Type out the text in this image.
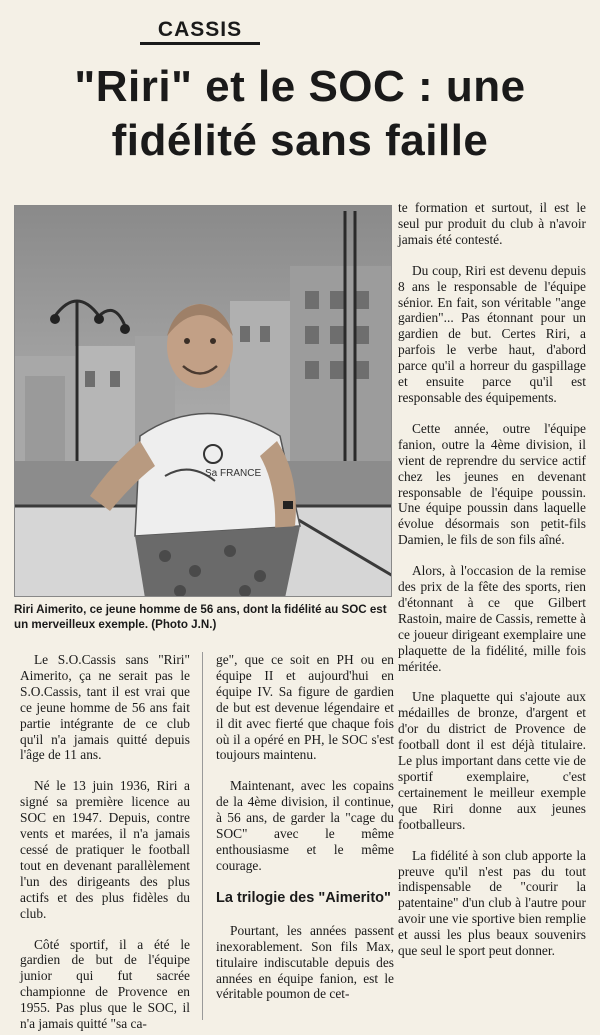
CASSIS
"Riri" et le SOC : une
fidélité sans faille
Sa FRANCE
Riri Aimerito, ce jeune homme de 56 ans, dont la fidélité au SOC est un merveilleux exemple. (Photo J.N.)

Le S.O.Cassis sans "Riri" Aimerito, ça ne serait pas le S.O.Cassis, tant il est vrai que ce jeune homme de 56 ans fait partie intégrante de ce club qu'il n'a jamais quitté depuis l'âge de 11 ans.

Né le 13 juin 1936, Riri a signé sa première licence au SOC en 1947. Depuis, contre vents et marées, il n'a jamais cessé de pratiquer le football tout en devenant parallèlement l'un des dirigeants des plus actifs et des plus fidèles du club.

Côté sportif, il a été le gardien de but de l'équipe junior qui fut sacrée championne de Provence en 1955. Pas plus que le SOC, il n'a jamais quitté "sa ca-

ge", que ce soit en PH ou en équipe II et aujourd'hui en équipe IV. Sa figure de gardien de but est devenue légendaire et il dit avec fierté que chaque fois où il a opéré en PH, le SOC s'est toujours maintenu.

Maintenant, avec les copains de la 4ème division, il continue, à 56 ans, de garder la "cage du SOC" avec le même enthousiasme et le même courage.

La trilogie des "Aimerito"

Pourtant, les années passent inexorablement. Son fils Max, titulaire indiscutable depuis des années en équipe fanion, est le véritable poumon de cet-

te formation et surtout, il est le seul pur produit du club à n'avoir jamais été contesté.

Du coup, Riri est devenu depuis 8 ans le responsable de l'équipe sénior. En fait, son véritable "ange gardien"... Pas étonnant pour un gardien de but. Certes Riri, a parfois le verbe haut, d'abord parce qu'il a horreur du gaspillage et ensuite parce qu'il est responsable des équipements.

Cette année, outre l'équipe fanion, outre la 4ème division, il vient de reprendre du service actif chez les jeunes en devenant responsable de l'équipe poussin. Une équipe poussin dans laquelle évolue désormais son petit-fils Damien, le fils de son fils aîné.

Alors, à l'occasion de la remise des prix de la fête des sports, rien d'étonnant à ce que Gilbert Rastoin, maire de Cassis, remette à ce joueur dirigeant exemplaire une plaquette de la fidélité, mille fois méritée.

Une plaquette qui s'ajoute aux médailles de bronze, d'argent et d'or du district de Provence de football dont il est déjà titulaire. Le plus important dans cette vie de sportif exemplaire, c'est certainement le meilleur exemple que Riri donne aux jeunes footballeurs.

La fidélité à son club apporte la preuve qu'il n'est pas du tout indispensable de "courir la patentaine" d'un club à l'autre pour avoir une vie sportive bien remplie et aussi les plus beaux souvenirs que seul le sport peut donner.
